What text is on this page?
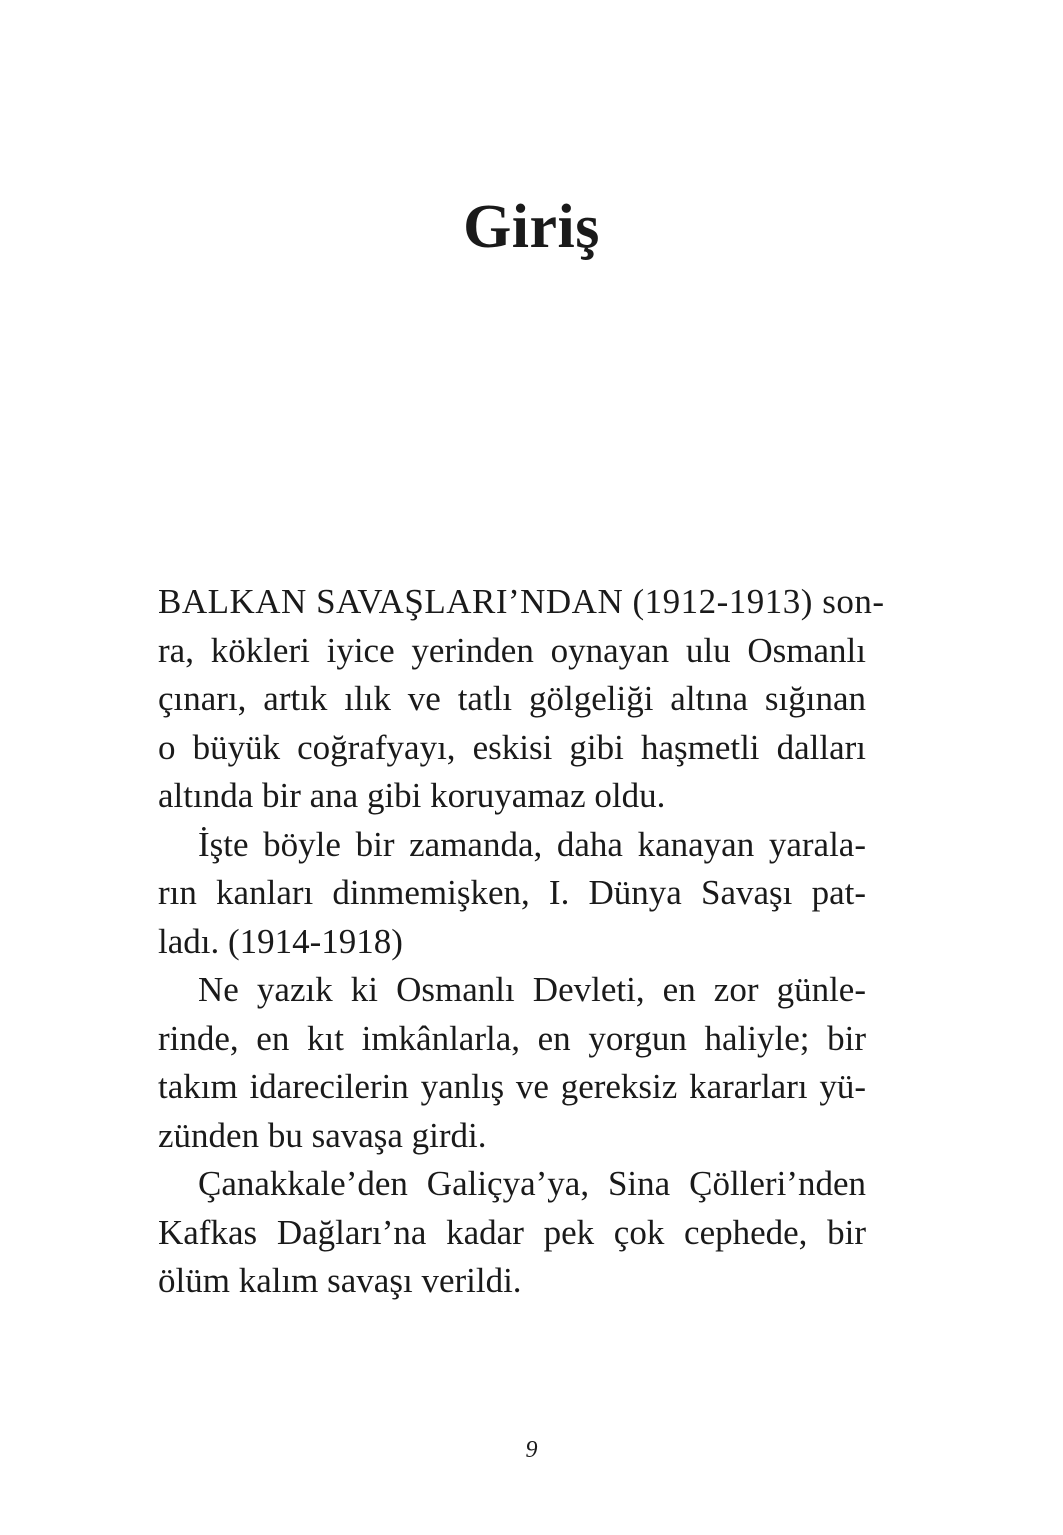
Giriş
BALKAN SAVAŞLARI’NDAN (1912-1913) son-
ra, kökleri iyice yerinden oynayan ulu Osmanlı
çınarı, artık ılık ve tatlı gölgeliği altına sığınan
o büyük coğrafyayı, eskisi gibi haşmetli dalları
altında bir ana gibi koruyamaz oldu.
İşte böyle bir zamanda, daha kanayan yarala-
rın kanları dinmemişken, I. Dünya Savaşı pat-
ladı. (1914-1918)
Ne yazık ki Osmanlı Devleti, en zor günle-
rinde, en kıt imkânlarla, en yorgun haliyle; bir
takım idarecilerin yanlış ve gereksiz kararları yü-
zünden bu savaşa girdi.
Çanakkale’den Galiçya’ya, Sina Çölleri’nden
Kafkas Dağları’na kadar pek çok cephede, bir
ölüm kalım savaşı verildi.
9
